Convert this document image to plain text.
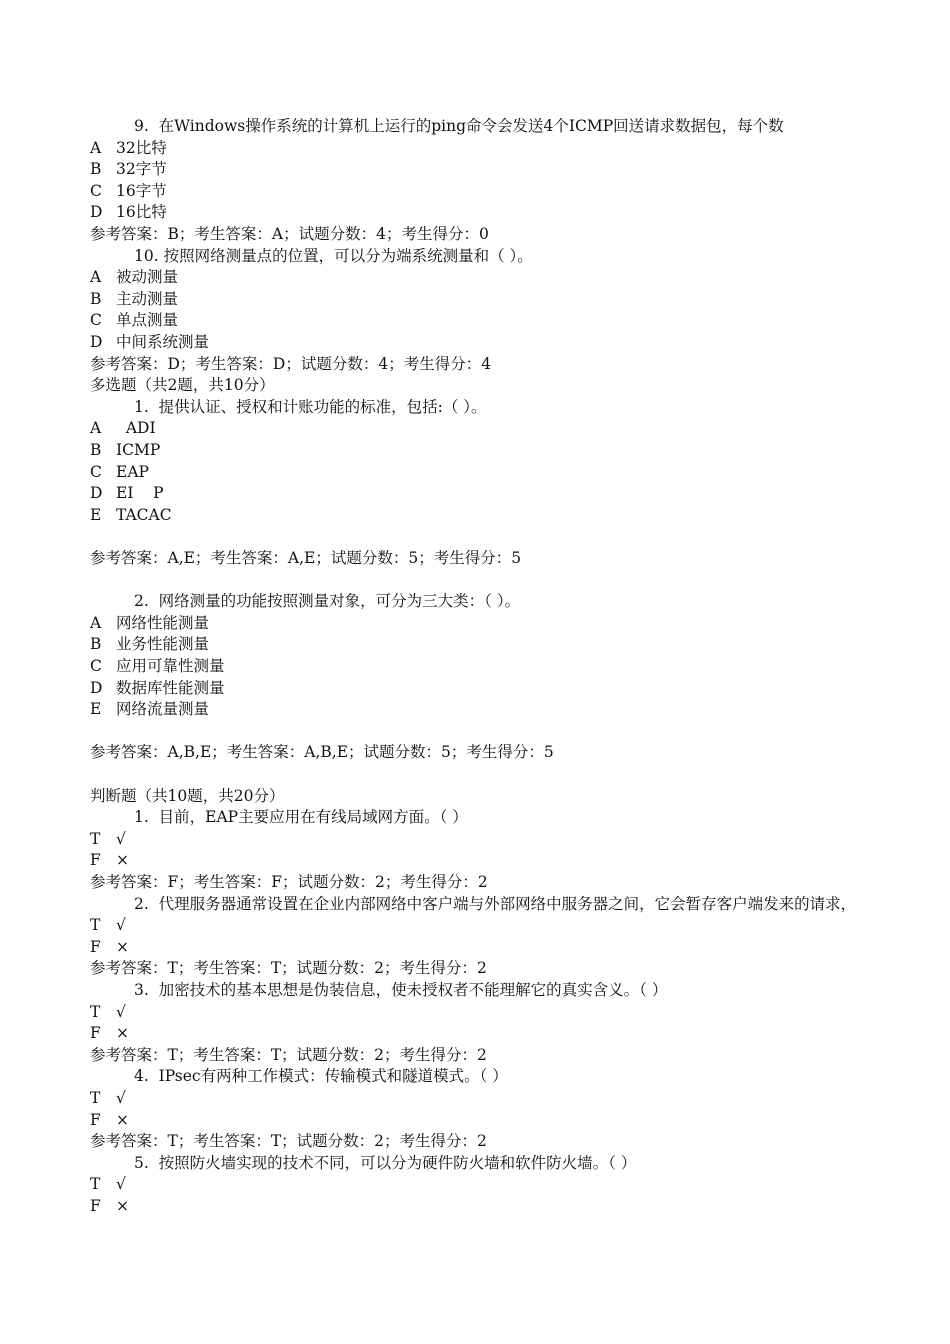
9.  在Windows操作系统的计算机上运行的ping命令会发送4个ICMP回送请求数据包，每个数
A 32比特
B 32字节
C 16字节
D 16比特
参考答案：B；考生答案：A；试题分数：4；考生得分：0
10. 按照网络测量点的位置，可以分为端系统测量和（ ）。
A 被动测量
B 主动测量
C 单点测量
D 中间系统测量
参考答案：D；考生答案：D；试题分数：4；考生得分：4
多选题（共2题，共10分）
1.  提供认证、授权和计账功能的标准，包括:（ ）。
A  ADI
B ICMP
C EAP
D EI    P
E TACAC
参考答案：A,E；考生答案：A,E；试题分数：5；考生得分：5
2.  网络测量的功能按照测量对象，可分为三大类：（ ）。
A 网络性能测量
B 业务性能测量
C 应用可靠性测量
D 数据库性能测量
E 网络流量测量
参考答案：A,B,E；考生答案：A,B,E；试题分数：5；考生得分：5
判断题（共10题，共20分）
1.  目前，EAP主要应用在有线局域网方面。（ ）
T √
F ×
参考答案：F；考生答案：F；试题分数：2；考生得分：2
2.  代理服务器通常设置在企业内部网络中客户端与外部网络中服务器之间，它会暂存客户端发来的请求，
T √
F ×
参考答案：T；考生答案：T；试题分数：2；考生得分：2
3.  加密技术的基本思想是伪装信息，使未授权者不能理解它的真实含义。（ ）
T √
F ×
参考答案：T；考生答案：T；试题分数：2；考生得分：2
4.  IPsec有两种工作模式：传输模式和隧道模式。（ ）
T √
F ×
参考答案：T；考生答案：T；试题分数：2；考生得分：2
5.  按照防火墙实现的技术不同，可以分为硬件防火墙和软件防火墙。（ ）
T √
F ×
